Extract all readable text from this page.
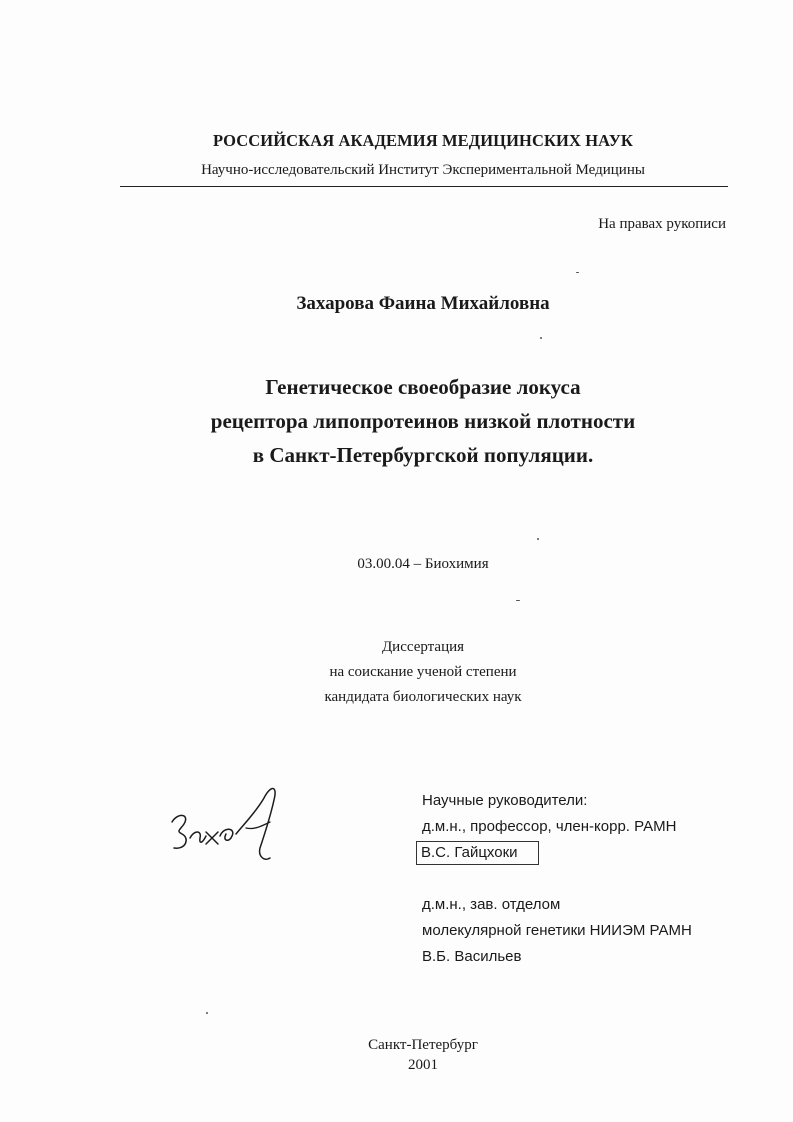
РОССИЙСКАЯ АКАДЕМИЯ МЕДИЦИНСКИХ НАУК
Научно-исследовательский Институт Экспериментальной Медицины
На правах рукописи
Захарова Фаина Михайловна
Генетическое своеобразие локуса
рецептора липопротеинов низкой плотности
в Санкт-Петербургской популяции.
03.00.04 – Биохимия
Диссертация
на соискание ученой степени
кандидата биологических наук
Научные руководители:
д.м.н., профессор, член-корр. РАМН
В.С. Гайцхоки
д.м.н., зав. отделом
молекулярной генетики НИИЭМ РАМН
В.Б. Васильев
Санкт-Петербург
2001
